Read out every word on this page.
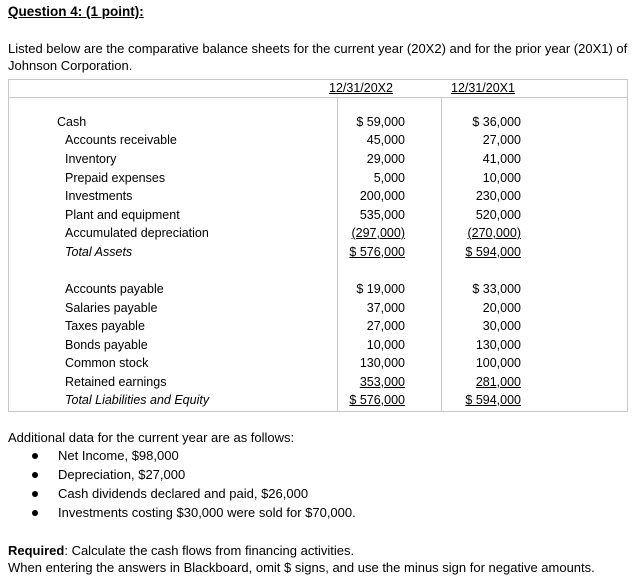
Question 4: (1 point):
Listed below are the comparative balance sheets for the current year (20X2) and for the prior year (20X1) of Johnson Corporation.
12/31/20X2	12/31/20X1
Cash	$ 59,000	$ 36,000
Accounts receivable	45,000	27,000
Inventory	29,000	41,000
Prepaid expenses	5,000	10,000
Investments	200,000	230,000
Plant and equipment	535,000	520,000
Accumulated depreciation	(297,000)	(270,000)
Total Assets	$ 576,000	$ 594,000
Accounts payable	$ 19,000	$ 33,000
Salaries payable	37,000	20,000
Taxes payable	27,000	30,000
Bonds payable	10,000	130,000
Common stock	130,000	100,000
Retained earnings	353,000	281,000
Total Liabilities and Equity	$ 576,000	$ 594,000
Additional data for the current year are as follows:
Net Income, $98,000
Depreciation, $27,000
Cash dividends declared and paid, $26,000
Investments costing $30,000 were sold for $70,000.
Required: Calculate the cash flows from financing activities.
When entering the answers in Blackboard, omit $ signs, and use the minus sign for negative amounts.
